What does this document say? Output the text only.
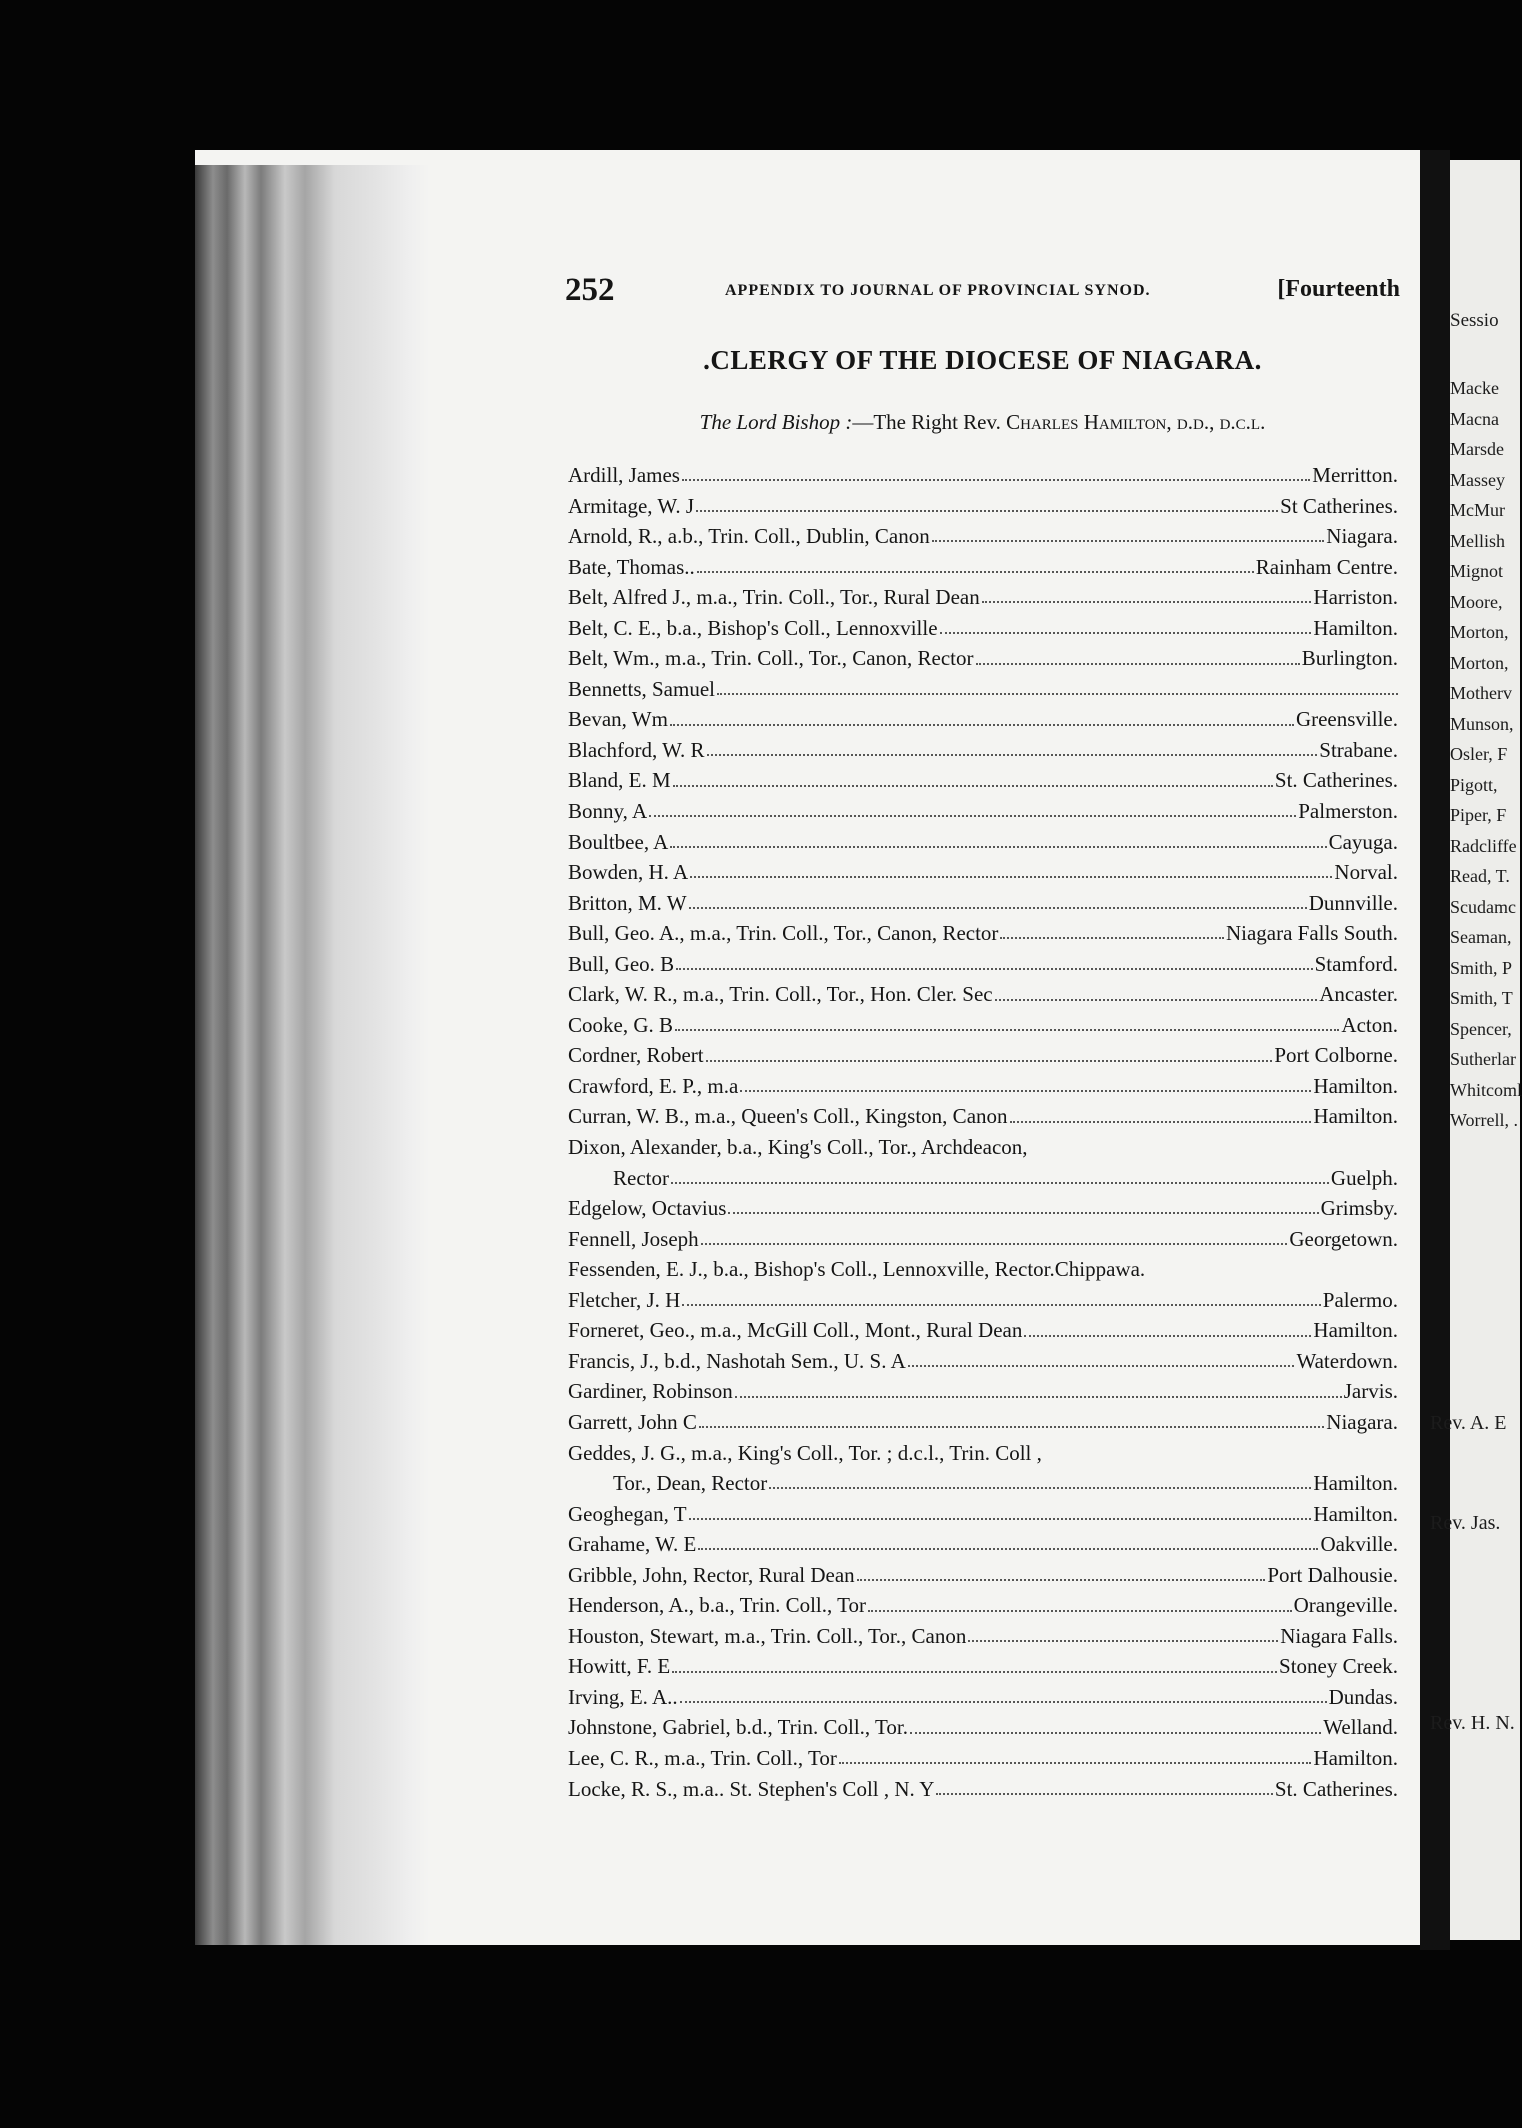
252	APPENDIX TO JOURNAL OF PROVINCIAL SYNOD.	[Fourteenth
.CLERGY OF THE DIOCESE OF NIAGARA.
The Lord Bishop :—The Right Rev. Charles Hamilton, d.d., d.c.l.
Ardill, James	Merritton.
Armitage, W. J	St Catherines.
Arnold, R., a.b., Trin. Coll., Dublin, Canon	Niagara.
Bate, Thomas..	Rainham Centre.
Belt, Alfred J., m.a., Trin. Coll., Tor., Rural Dean	Harriston.
Belt, C. E., b.a., Bishop's Coll., Lennoxville	Hamilton.
Belt, Wm., m.a., Trin. Coll., Tor., Canon, Rector	Burlington.
Bennetts, Samuel
Bevan, Wm	Greensville.
Blachford, W. R	Strabane.
Bland, E. M	St. Catherines.
Bonny, A	Palmerston.
Boultbee, A	Cayuga.
Bowden, H. A	Norval.
Britton, M. W	Dunnville.
Bull, Geo. A., m.a., Trin. Coll., Tor., Canon, Rector	Niagara Falls South.
Bull, Geo. B	Stamford.
Clark, W. R., m.a., Trin. Coll., Tor., Hon. Cler. Sec	Ancaster.
Cooke, G. B	Acton.
Cordner, Robert	Port Colborne.
Crawford, E. P., m.a	Hamilton.
Curran, W. B., m.a., Queen's Coll., Kingston, Canon	Hamilton.
Dixon, Alexander, b.a., King's Coll., Tor., Archdeacon,
Rector	Guelph.
Edgelow, Octavius	Grimsby.
Fennell, Joseph	Georgetown.
Fessenden, E. J., b.a., Bishop's Coll., Lennoxville, Rector. Chippawa.
Fletcher, J. H	Palermo.
Forneret, Geo., m.a., McGill Coll., Mont., Rural Dean	Hamilton.
Francis, J., b.d., Nashotah Sem., U. S. A	Waterdown.
Gardiner, Robinson	Jarvis.
Garrett, John C	Niagara.
Geddes, J. G., m.a., King's Coll., Tor. ; d.c.l., Trin. Coll ,
Tor., Dean, Rector	Hamilton.
Geoghegan, T	Hamilton.
Grahame, W. E	Oakville.
Gribble, John, Rector, Rural Dean	Port Dalhousie.
Henderson, A., b.a., Trin. Coll., Tor	Orangeville.
Houston, Stewart, m.a., Trin. Coll., Tor., Canon	Niagara Falls.
Howitt, F. E	Stoney Creek.
Irving, E. A..	Dundas.
Johnstone, Gabriel, b.d., Trin. Coll., Tor.	Welland.
Lee, C. R., m.a., Trin. Coll., Tor	Hamilton.
Locke, R. S., m.a.. St. Stephen's Coll , N. Y	St. Catherines.
Sessio
Macke
Macna
Marsde
Massey
McMur
Mellish
Mignot
Moore,
Morton,
Morton,
Motherv
Munson,
Osler, F
Pigott,
Piper, F
Radcliffe
Read, T.
Scudamc
Seaman,
Smith, P
Smith, T
Spencer,
Sutherlar
Whitcoml
Worrell, .
Rev. A. E
Rev. Jas.
Rev. H. N.
